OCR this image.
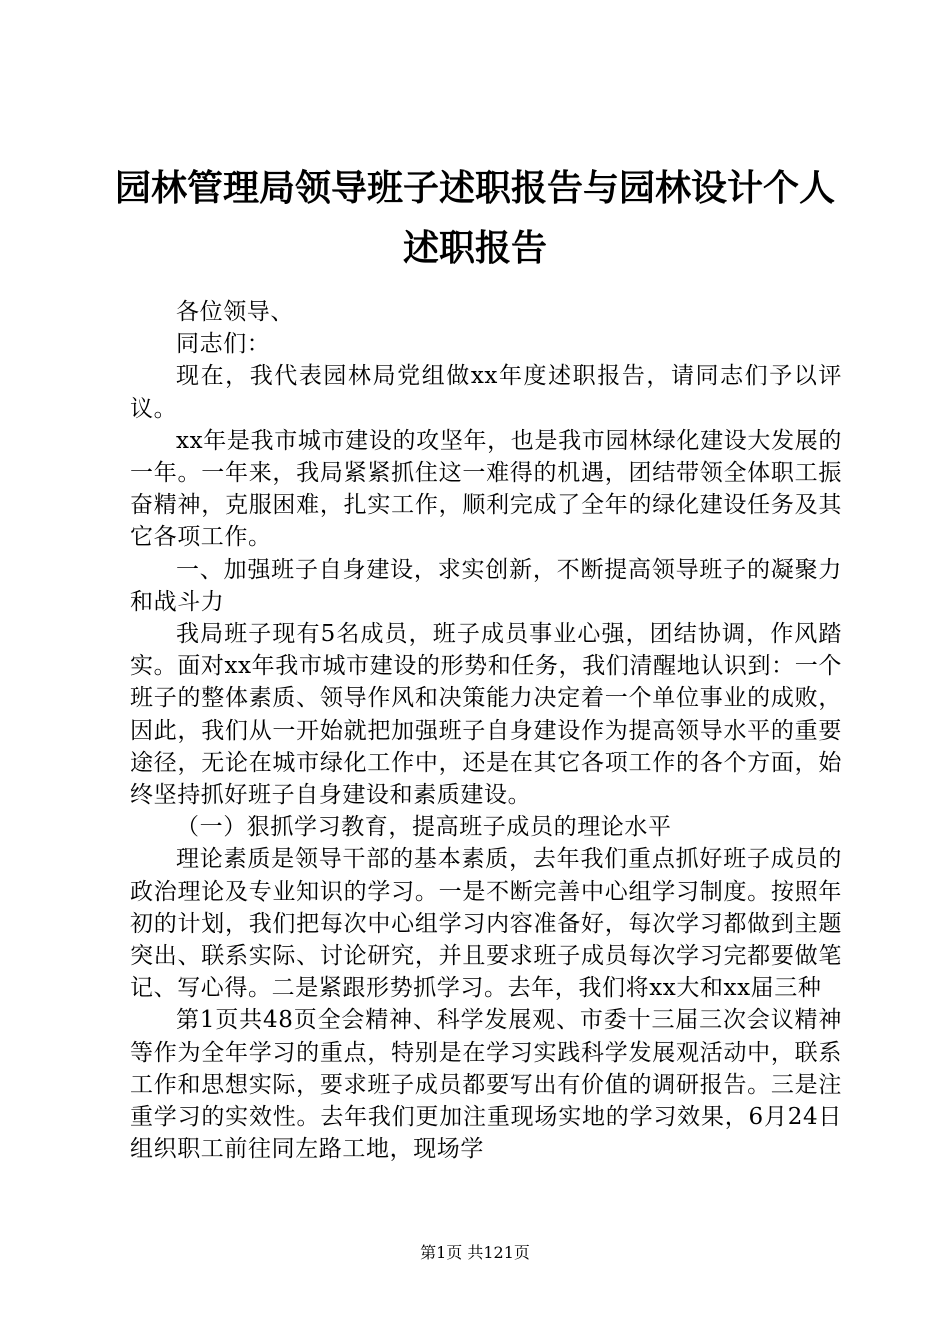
园林管理局领导班子述职报告与园林设计个人述职报告

各位领导、

同志们：

现在，我代表园林局党组做xx年度述职报告，请同志们予以评议。

xx年是我市城市建设的攻坚年，也是我市园林绿化建设大发展的一年。一年来，我局紧紧抓住这一难得的机遇，团结带领全体职工振奋精神，克服困难，扎实工作，顺利完成了全年的绿化建设任务及其它各项工作。

一、加强班子自身建设，求实创新，不断提高领导班子的凝聚力和战斗力

我局班子现有5名成员，班子成员事业心强，团结协调，作风踏实。面对xx年我市城市建设的形势和任务，我们清醒地认识到：一个班子的整体素质、领导作风和决策能力决定着一个单位事业的成败，因此，我们从一开始就把加强班子自身建设作为提高领导水平的重要途径，无论在城市绿化工作中，还是在其它各项工作的各个方面，始终坚持抓好班子自身建设和素质建设。

（一）狠抓学习教育，提高班子成员的理论水平

理论素质是领导干部的基本素质，去年我们重点抓好班子成员的政治理论及专业知识的学习。一是不断完善中心组学习制度。按照年初的计划，我们把每次中心组学习内容准备好，每次学习都做到主题突出、联系实际、讨论研究，并且要求班子成员每次学习完都要做笔记、写心得。二是紧跟形势抓学习。去年，我们将xx大和xx届三种

第1页共48页全会精神、科学发展观、市委十三届三次会议精神等作为全年学习的重点，特别是在学习实践科学发展观活动中，联系工作和思想实际，要求班子成员都要写出有价值的调研报告。三是注重学习的实效性。去年我们更加注重现场实地的学习效果，6月24日组织职工前往同左路工地，现场学

第1页 共121页
